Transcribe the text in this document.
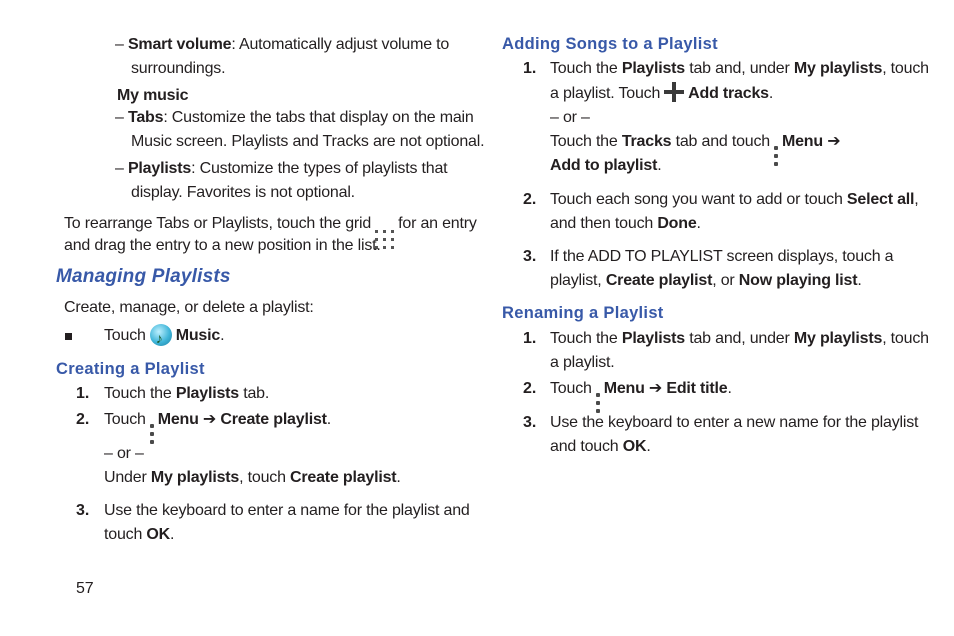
– Smart volume: Automatically adjust volume to
surroundings.
My music
– Tabs: Customize the tabs that display on the main
Music screen. Playlists and Tracks are not optional.
– Playlists: Customize the types of playlists that
display. Favorites is not optional.
To rearrange Tabs or Playlists, touch the grid for an entry
and drag the entry to a new position in the list.
Managing Playlists
Create, manage, or delete a playlist:
Touch ♪ Music.
Creating a Playlist
1. Touch the Playlists tab.
2. Touch Menu ➔ Create playlist.
– or –
Under My playlists, touch Create playlist.
3. Use the keyboard to enter a name for the playlist and
touch OK.
57
Adding Songs to a Playlist
1. Touch the Playlists tab and, under My playlists, touch
a playlist. Touch Add tracks.
– or –
Touch the Tracks tab and touch Menu ➔
Add to playlist.
2. Touch each song you want to add or touch Select all,
and then touch Done.
3. If the ADD TO PLAYLIST screen displays, touch a
playlist, Create playlist, or Now playing list.
Renaming a Playlist
1. Touch the Playlists tab and, under My playlists, touch
a playlist.
2. Touch Menu ➔ Edit title.
3. Use the keyboard to enter a new name for the playlist
and touch OK.
